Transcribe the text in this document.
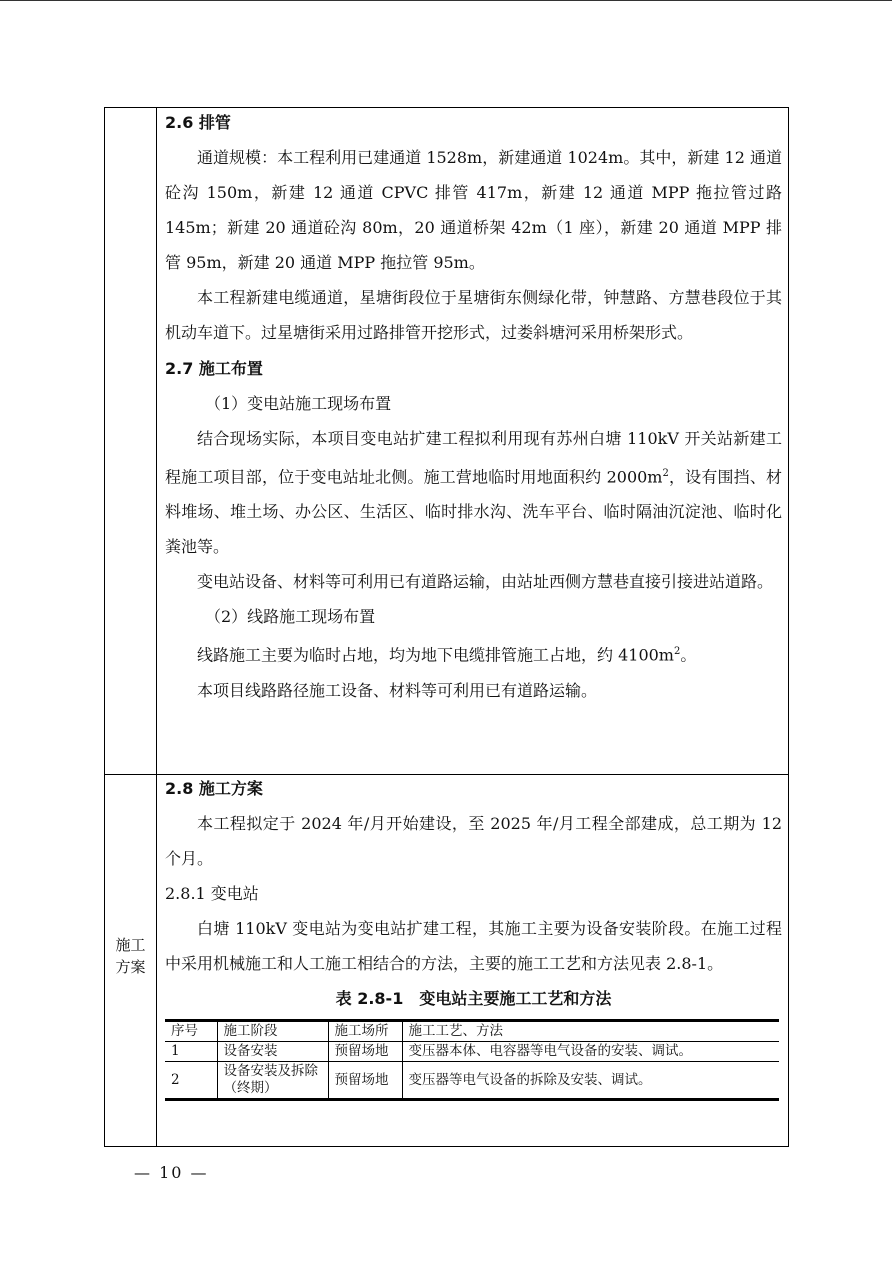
施工方案

2.6 排管

通道规模：本工程利用已建通道 1528m，新建通道 1024m。其中，新建 12 通道砼沟 150m，新建 12 通道 CPVC 排管 417m，新建 12 通道 MPP 拖拉管过路 145m；新建 20 通道砼沟 80m，20 通道桥架 42m（1 座），新建 20 通道 MPP 排管 95m，新建 20 通道 MPP 拖拉管 95m。

本工程新建电缆通道，星塘街段位于星塘街东侧绿化带，钟慧路、方慧巷段位于其机动车道下。过星塘街采用过路排管开挖形式，过娄斜塘河采用桥架形式。

2.7 施工布置

（1）变电站施工现场布置

结合现场实际，本项目变电站扩建工程拟利用现有苏州白塘 110kV 开关站新建工程施工项目部，位于变电站址北侧。施工营地临时用地面积约 $2000m^2$，设有围挡、材料堆场、堆土场、办公区、生活区、临时排水沟、洗车平台、临时隔油沉淀池、临时化粪池等。

变电站设备、材料等可利用已有道路运输，由站址西侧方慧巷直接引接进站道路。

（2）线路施工现场布置

线路施工主要为临时占地，均为地下电缆排管施工占地，约 $4100m^2$。

本项目线路路径施工设备、材料等可利用已有道路运输。

2.8 施工方案

本工程拟定于 2024 年/月开始建设，至 2025 年/月工程全部建成，总工期为 12 个月。

2.8.1 变电站

白塘 110kV 变电站为变电站扩建工程，其施工主要为设备安装阶段。在施工过程中采用机械施工和人工施工相结合的方法，主要的施工工艺和方法见表 2.8-1。

表 2.8-1　变电站主要施工工艺和方法

序号	施工阶段	施工场所	施工工艺、方法
1	设备安装	预留场地	变压器本体、电容器等电气设备的安装、调试。
2	设备安装及拆除（终期）	预留场地	变压器等电气设备的拆除及安装、调试。
— 10 —
